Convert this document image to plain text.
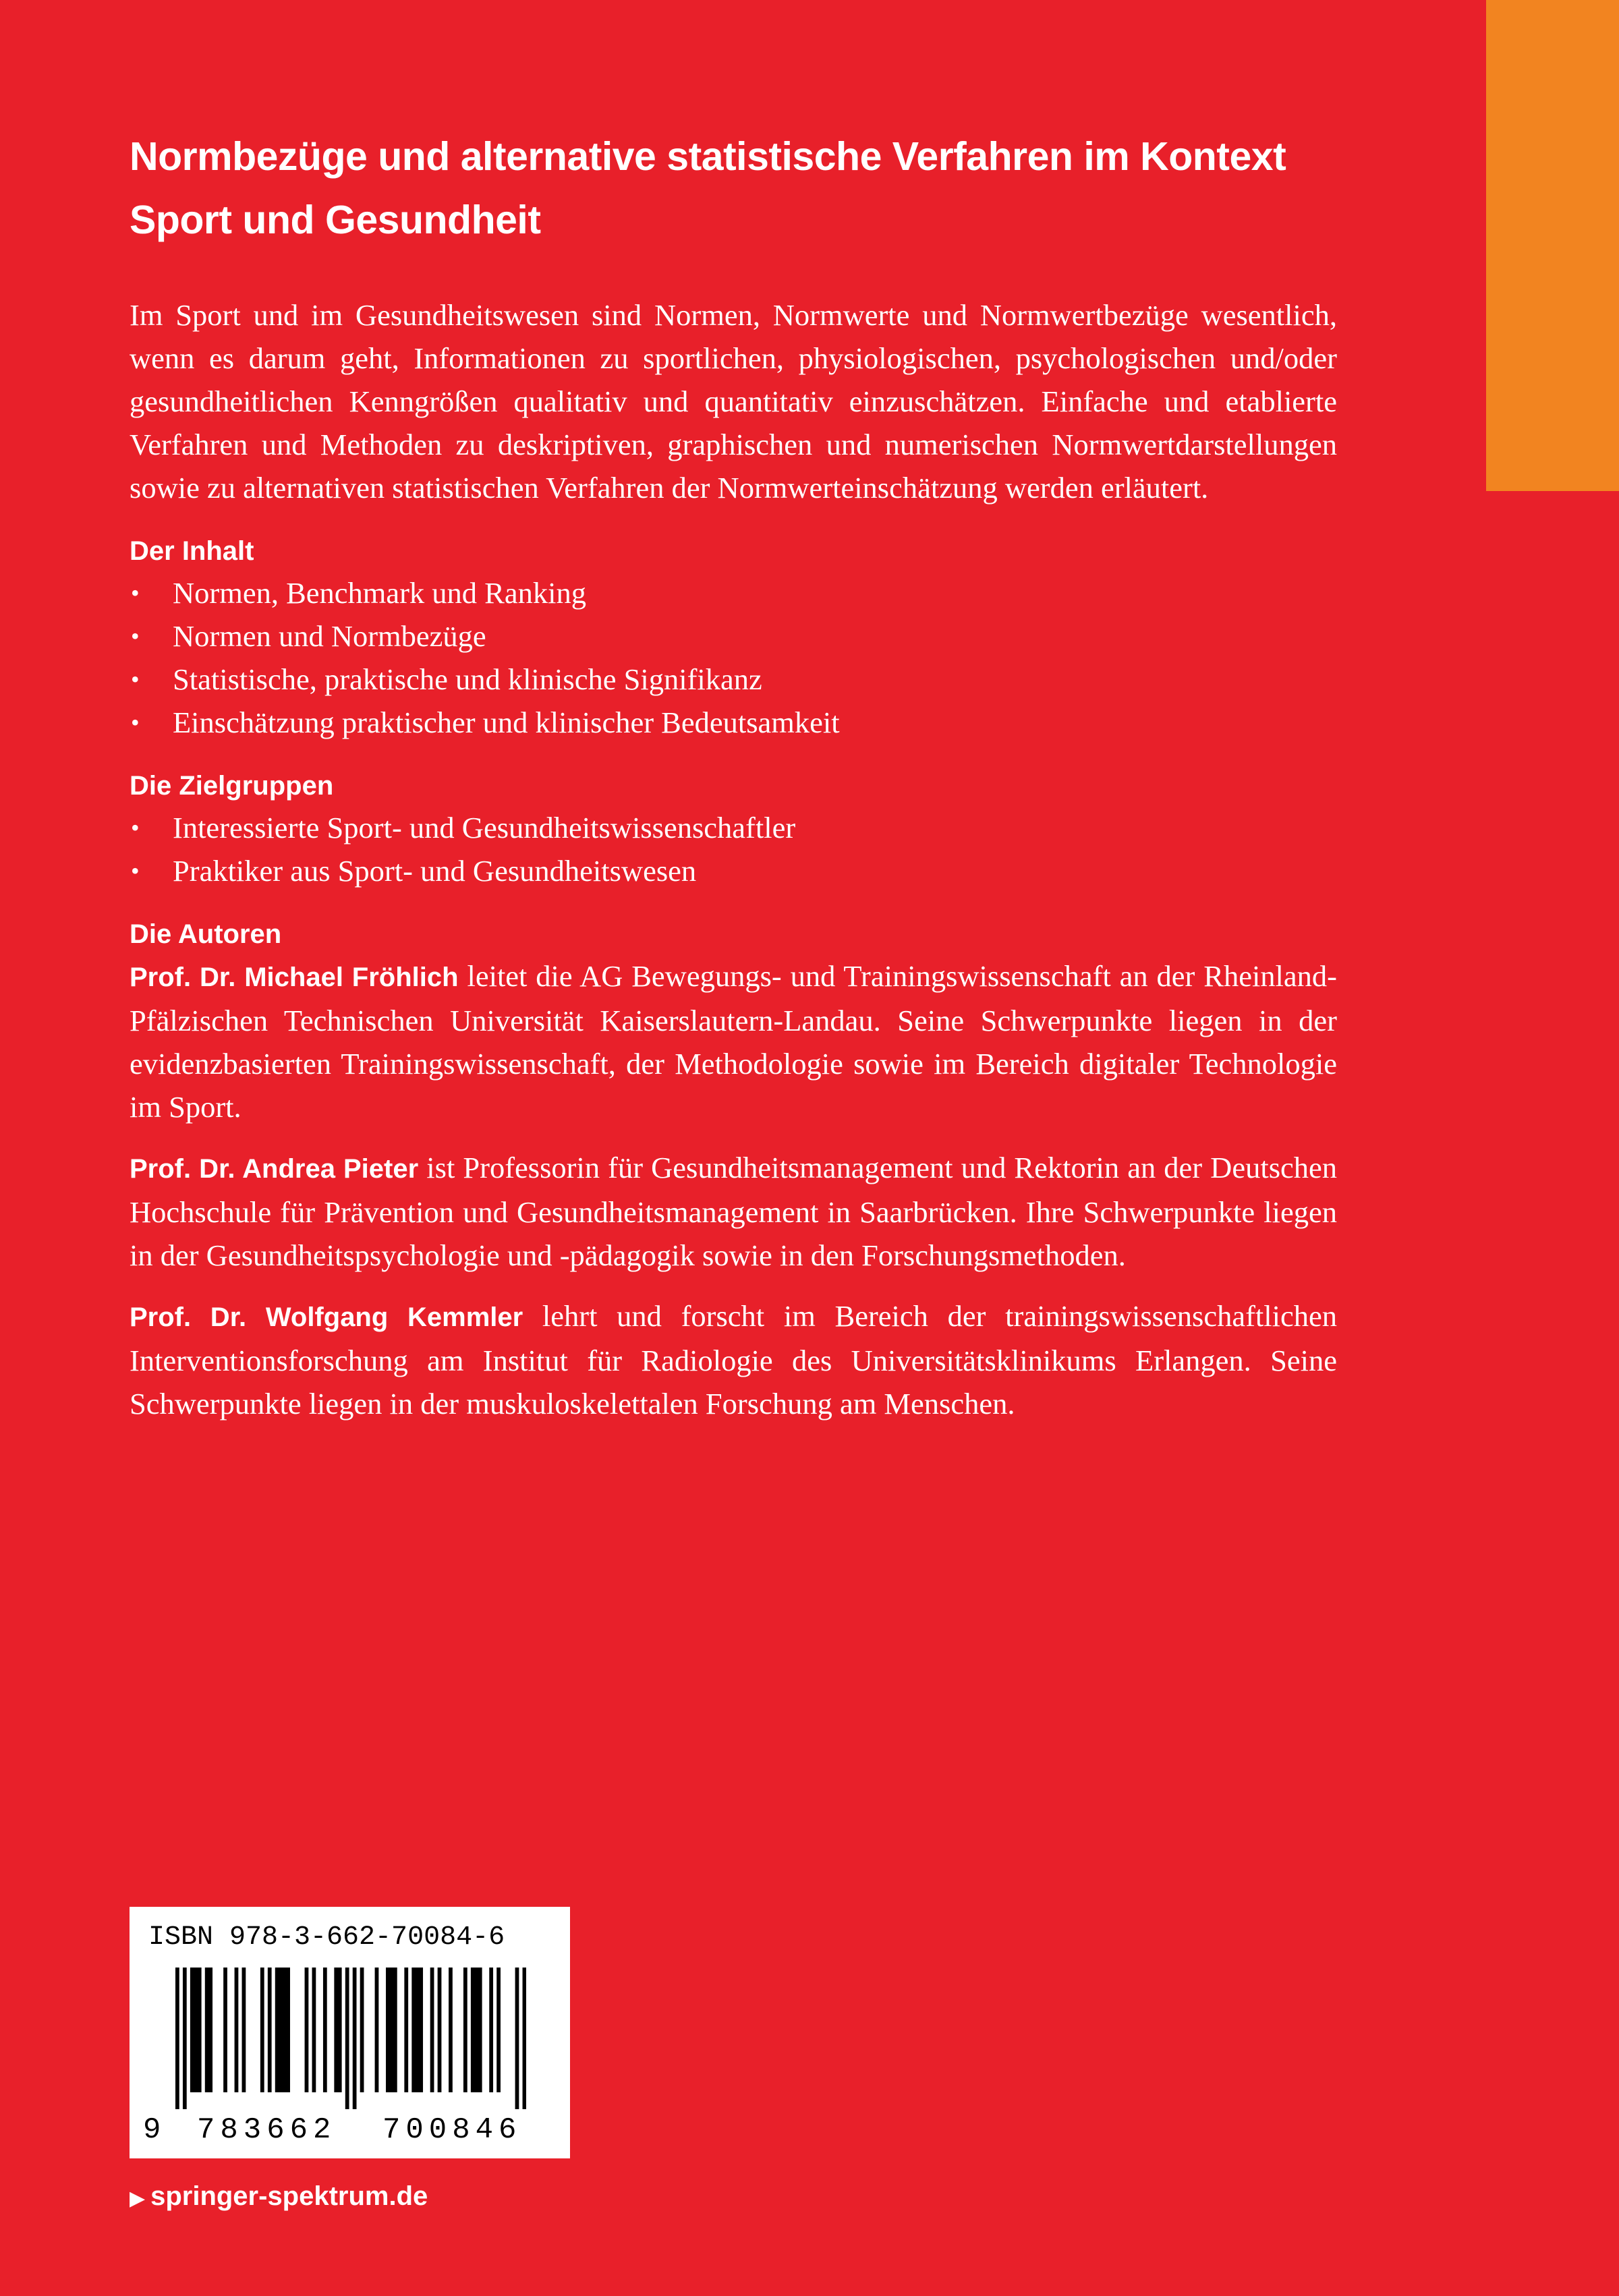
Normbezüge und alternative statistische Verfahren im Kontext
Sport und Gesundheit

Im Sport und im Gesundheitswesen sind Normen, Normwerte und Normwertbezüge wesentlich, wenn es darum geht, Informationen zu sportlichen, physiologischen, psychologischen und/oder gesundheitlichen Kenngrößen qualitativ und quantitativ einzuschätzen. Einfache und etablierte Verfahren und Methoden zu deskriptiven, graphischen und numerischen Normwertdarstellungen sowie zu alternativen statistischen Verfahren der Normwerteinschätzung werden erläutert.

Der Inhalt
• Normen, Benchmark und Ranking
• Normen und Normbezüge
• Statistische, praktische und klinische Signifikanz
• Einschätzung praktischer und klinischer Bedeutsamkeit
Die Zielgruppen
• Interessierte Sport- und Gesundheitswissenschaftler
• Praktiker aus Sport- und Gesundheitswesen
Die Autoren

Prof. Dr. Michael Fröhlich leitet die AG Bewegungs- und Trainingswissenschaft an der Rheinland-Pfälzischen Technischen Universität Kaiserslautern-Landau. Seine Schwerpunkte liegen in der evidenzbasierten Trainingswissenschaft, der Methodologie sowie im Bereich digitaler Technologie im Sport.

Prof. Dr. Andrea Pieter ist Professorin für Gesundheitsmanagement und Rektorin an der Deutschen Hochschule für Prävention und Gesundheitsmanagement in Saarbrücken. Ihre Schwerpunkte liegen in der Gesundheitspsychologie und -pädagogik sowie in den Forschungsmethoden.

Prof. Dr. Wolfgang Kemmler lehrt und forscht im Bereich der trainingswissenschaftlichen Interventionsforschung am Institut für Radiologie des Universitätsklinikums Erlangen. Seine Schwerpunkte liegen in der muskuloskelettalen Forschung am Menschen.

ISBN 978-3-662-70084-6
9 783662 700846
▶ springer-spektrum.de
